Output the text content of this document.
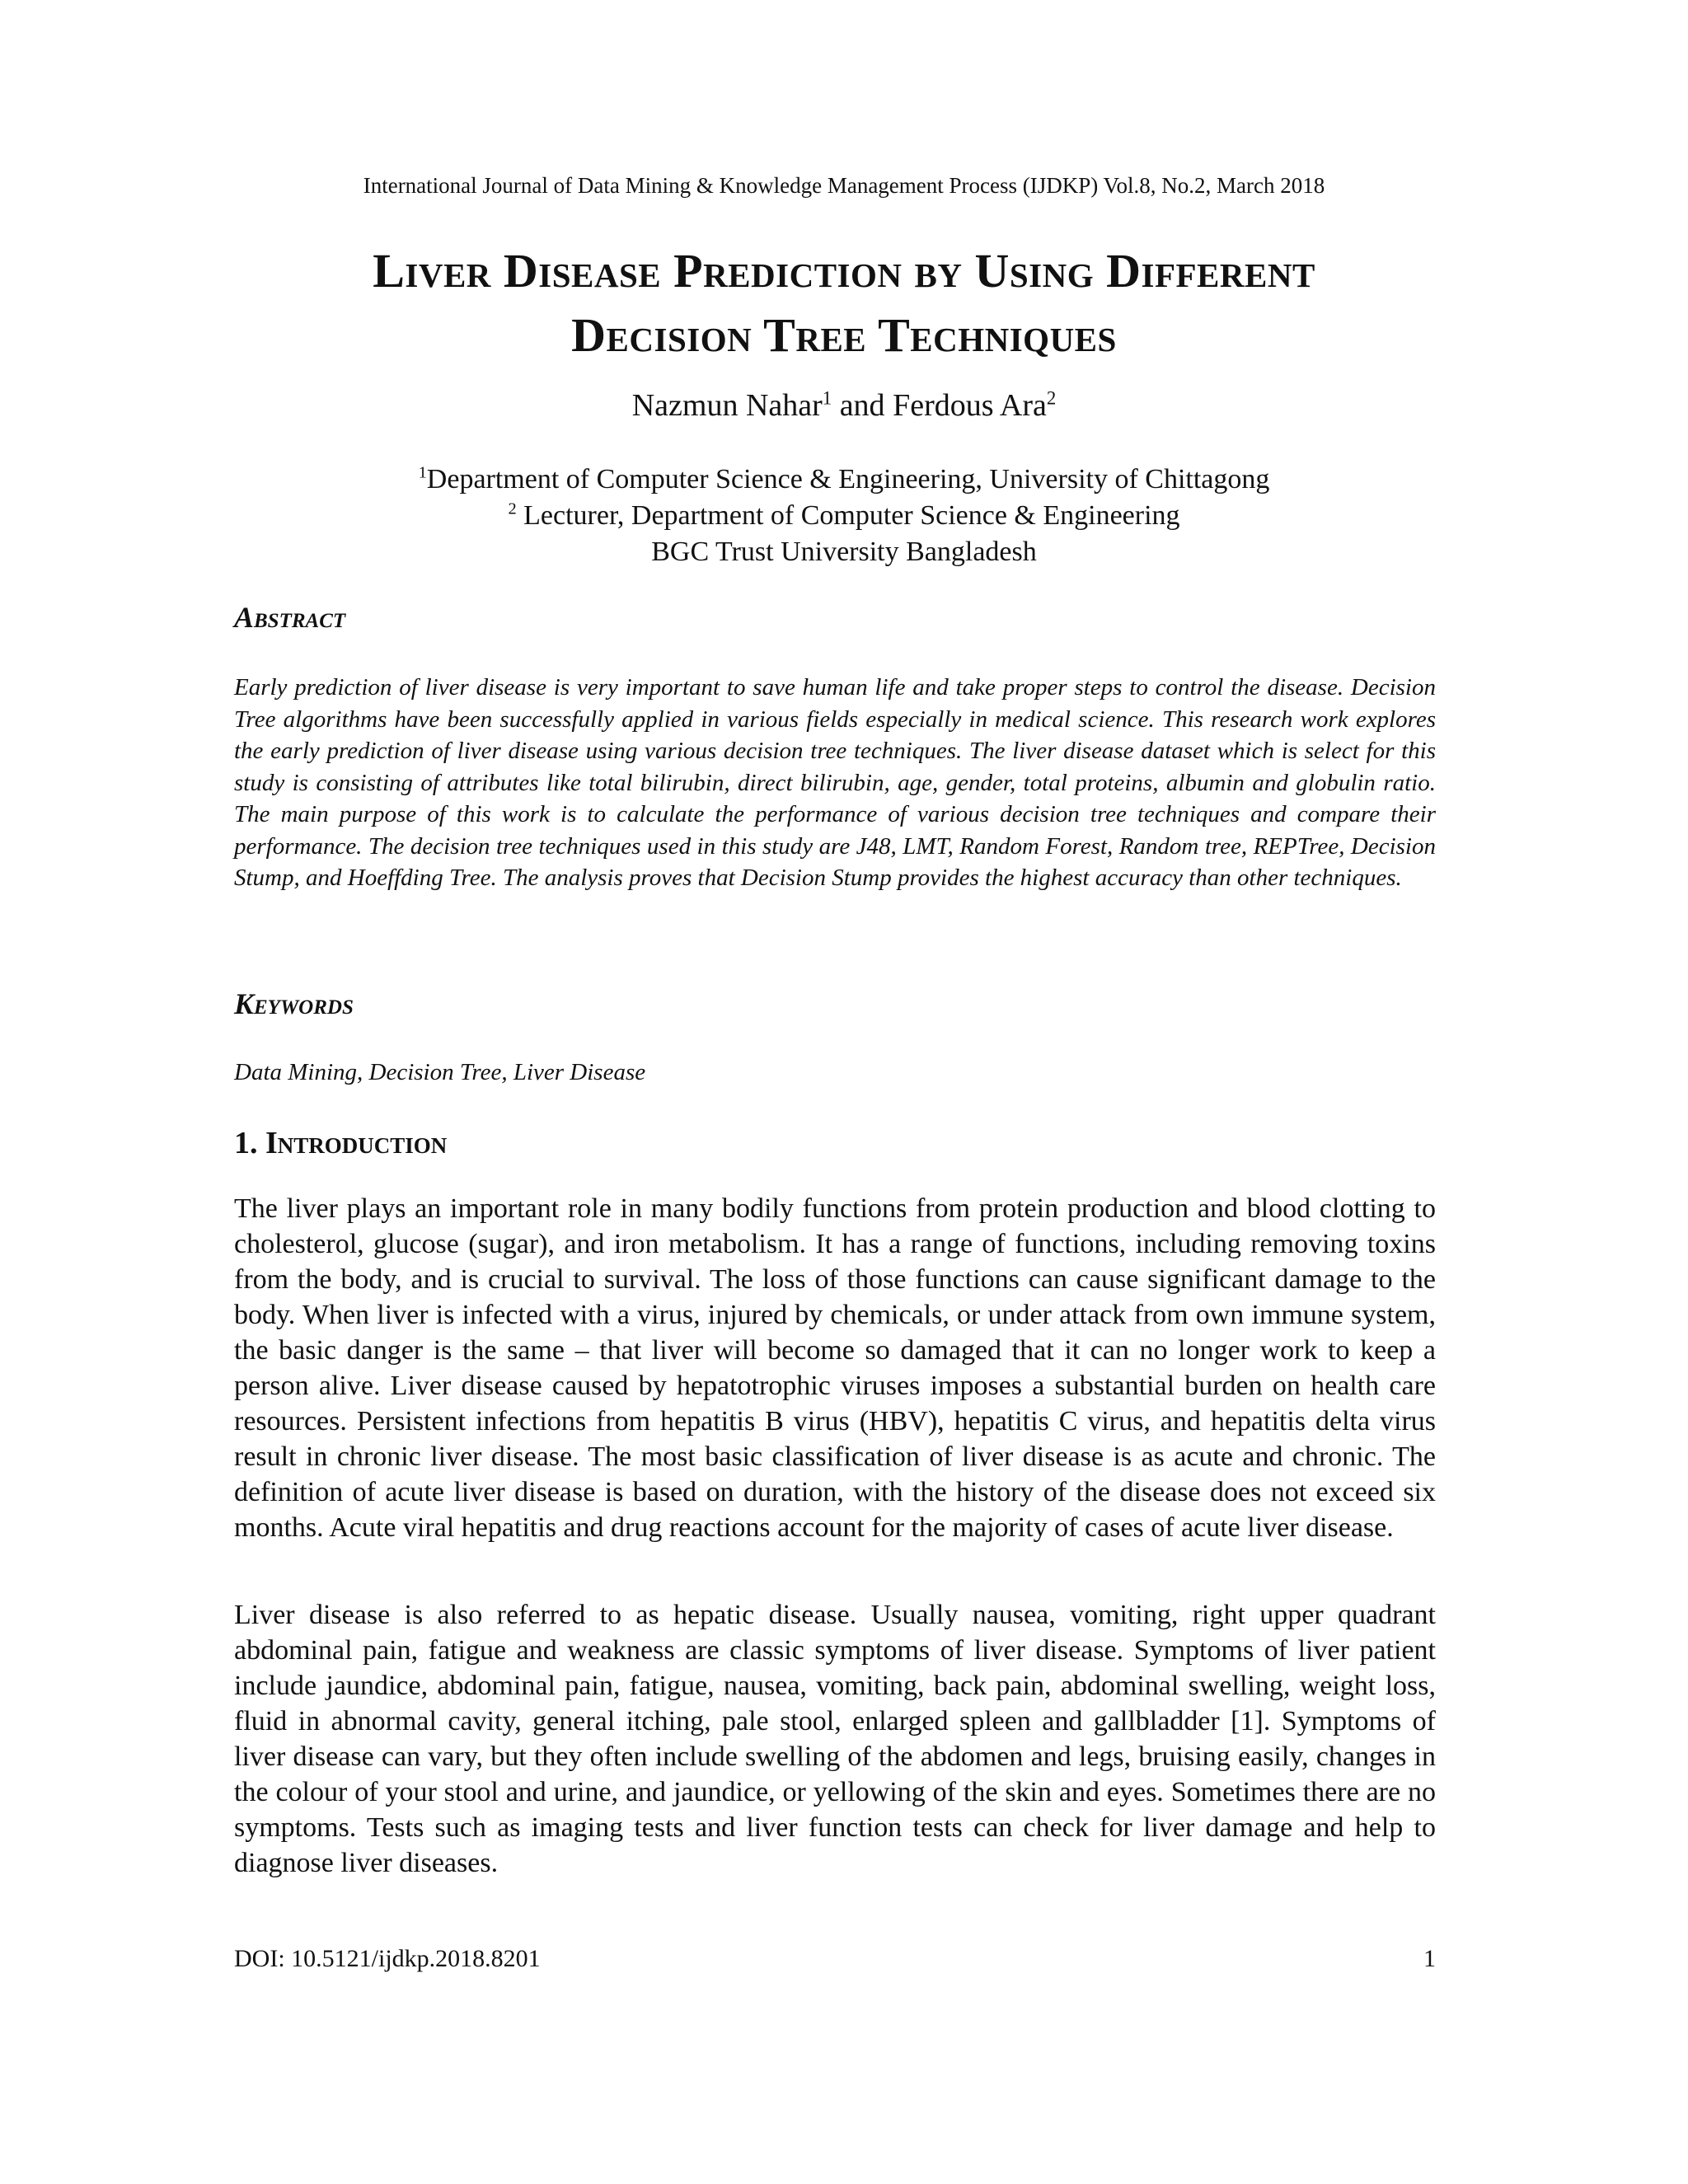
International Journal of Data Mining & Knowledge Management Process (IJDKP) Vol.8, No.2, March 2018
Liver Disease Prediction by Using Different
Decision Tree Techniques
Nazmun Nahar$^1$ and Ferdous Ara$^2$
$^1$Department of Computer Science & Engineering, University of Chittagong
$^2$ Lecturer, Department of Computer Science & Engineering
BGC Trust University Bangladesh
Abstract

Early prediction of liver disease is very important to save human life and take proper steps to control the disease. Decision Tree algorithms have been successfully applied in various fields especially in medical science. This research work explores the early prediction of liver disease using various decision tree techniques. The liver disease dataset which is select for this study is consisting of attributes like total bilirubin, direct bilirubin, age, gender, total proteins, albumin and globulin ratio. The main purpose of this work is to calculate the performance of various decision tree techniques and compare their performance. The decision tree techniques used in this study are J48, LMT, Random Forest, Random tree, REPTree, Decision Stump, and Hoeffding Tree. The analysis proves that Decision Stump provides the highest accuracy than other techniques.

Keywords

Data Mining, Decision Tree, Liver Disease

1. Introduction

The liver plays an important role in many bodily functions from protein production and blood clotting to cholesterol, glucose (sugar), and iron metabolism. It has a range of functions, including removing toxins from the body, and is crucial to survival. The loss of those functions can cause significant damage to the body. When liver is infected with a virus, injured by chemicals, or under attack from own immune system, the basic danger is the same – that liver will become so damaged that it can no longer work to keep a person alive. Liver disease caused by hepatotrophic viruses imposes a substantial burden on health care resources. Persistent infections from hepatitis B virus (HBV), hepatitis C virus, and hepatitis delta virus result in chronic liver disease. The most basic classification of liver disease is as acute and chronic. The definition of acute liver disease is based on duration, with the history of the disease does not exceed six months. Acute viral hepatitis and drug reactions account for the majority of cases of acute liver disease.

Liver disease is also referred to as hepatic disease. Usually nausea, vomiting, right upper quadrant abdominal pain, fatigue and weakness are classic symptoms of liver disease. Symptoms of liver patient include jaundice, abdominal pain, fatigue, nausea, vomiting, back pain, abdominal swelling, weight loss, fluid in abnormal cavity, general itching, pale stool, enlarged spleen and gallbladder [1]. Symptoms of liver disease can vary, but they often include swelling of the abdomen and legs, bruising easily, changes in the colour of your stool and urine, and jaundice, or yellowing of the skin and eyes. Sometimes there are no symptoms. Tests such as imaging tests and liver function tests can check for liver damage and help to diagnose liver diseases.

DOI: 10.5121/ijdkp.2018.8201	1
